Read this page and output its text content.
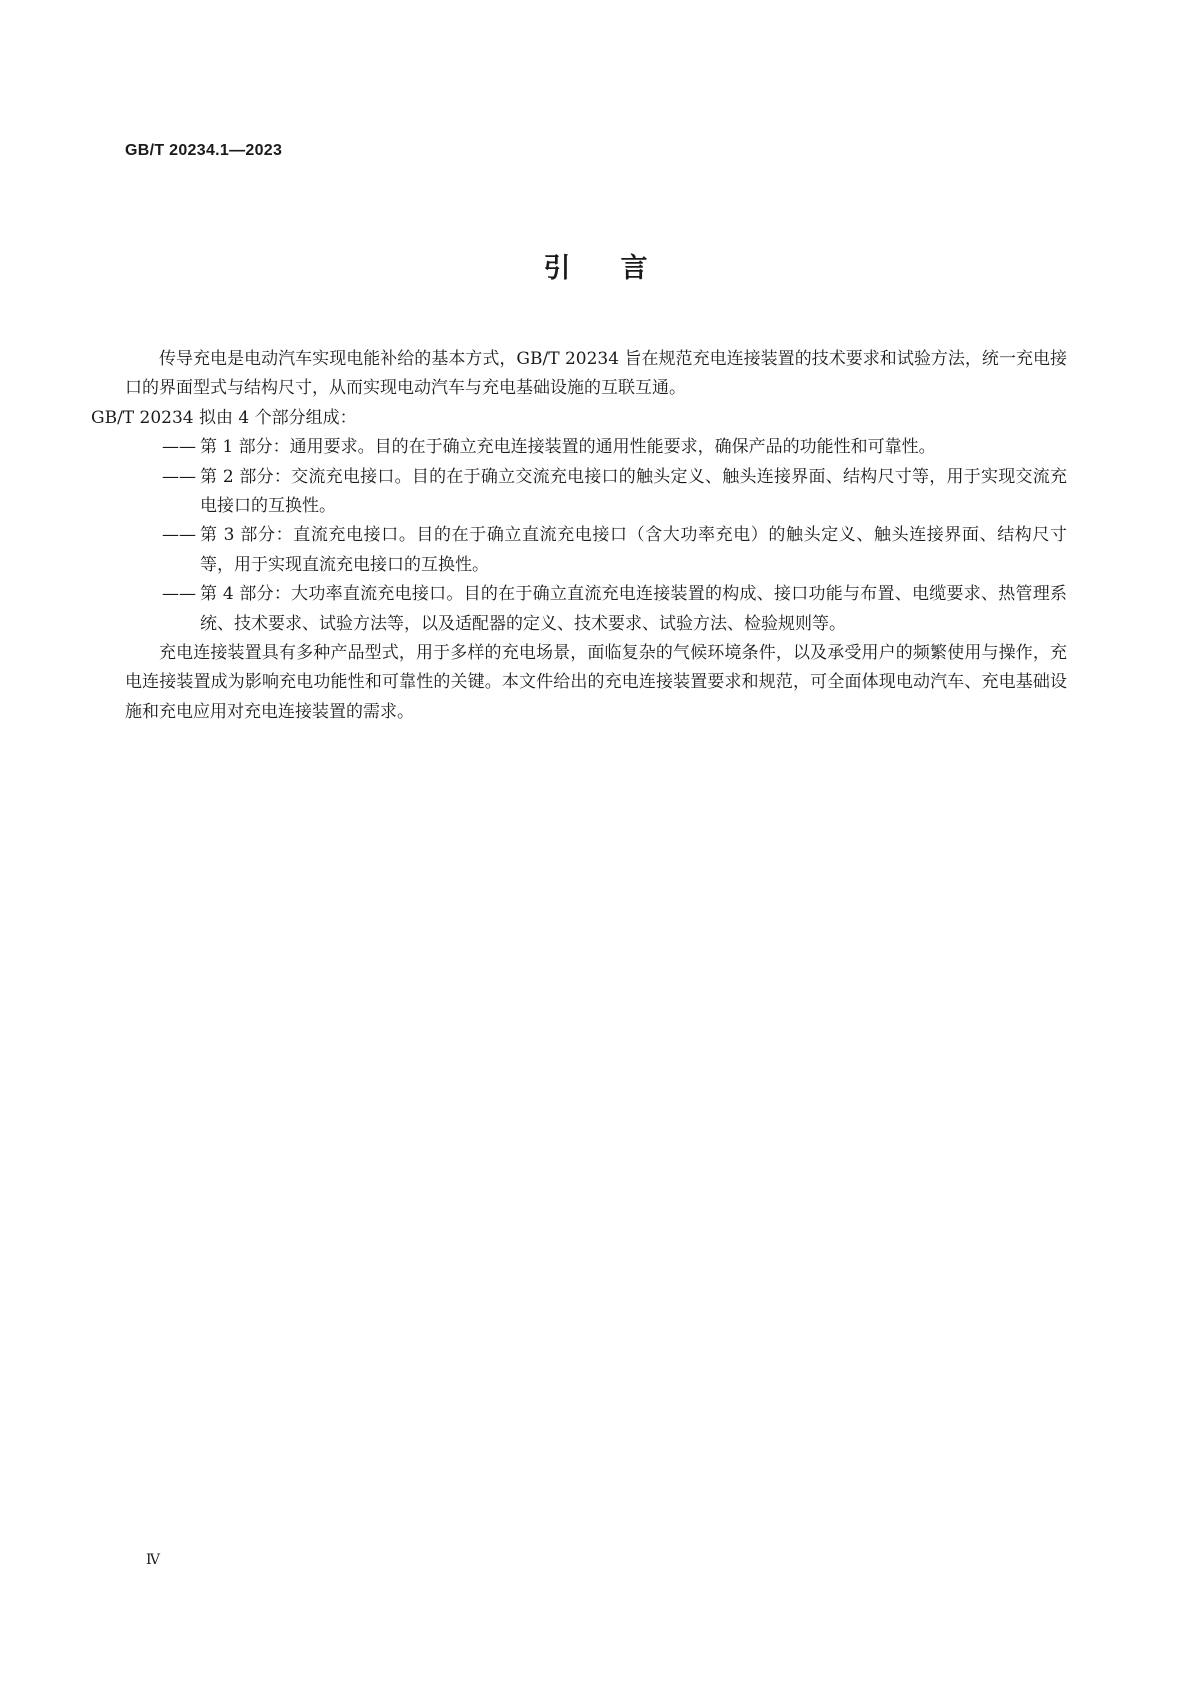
GB/T 20234.1—2023
引言

传导充电是电动汽车实现电能补给的基本方式，GB/T 20234 旨在规范充电连接装置的技术要求和试验方法，统一充电接口的界面型式与结构尺寸，从而实现电动汽车与充电基础设施的互联互通。
GB/T 20234 拟由 4 个部分组成：

—— 第 1 部分：通用要求。目的在于确立充电连接装置的通用性能要求，确保产品的功能性和可靠性。
—— 第 2 部分：交流充电接口。目的在于确立交流充电接口的触头定义、触头连接界面、结构尺寸等，用于实现交流充电接口的互换性。
—— 第 3 部分：直流充电接口。目的在于确立直流充电接口（含大功率充电）的触头定义、触头连接界面、结构尺寸等，用于实现直流充电接口的互换性。
—— 第 4 部分：大功率直流充电接口。目的在于确立直流充电连接装置的构成、接口功能与布置、电缆要求、热管理系统、技术要求、试验方法等，以及适配器的定义、技术要求、试验方法、检验规则等。

充电连接装置具有多种产品型式，用于多样的充电场景，面临复杂的气候环境条件，以及承受用户的频繁使用与操作，充电连接装置成为影响充电功能性和可靠性的关键。本文件给出的充电连接装置要求和规范，可全面体现电动汽车、充电基础设施和充电应用对充电连接装置的需求。

Ⅳ
